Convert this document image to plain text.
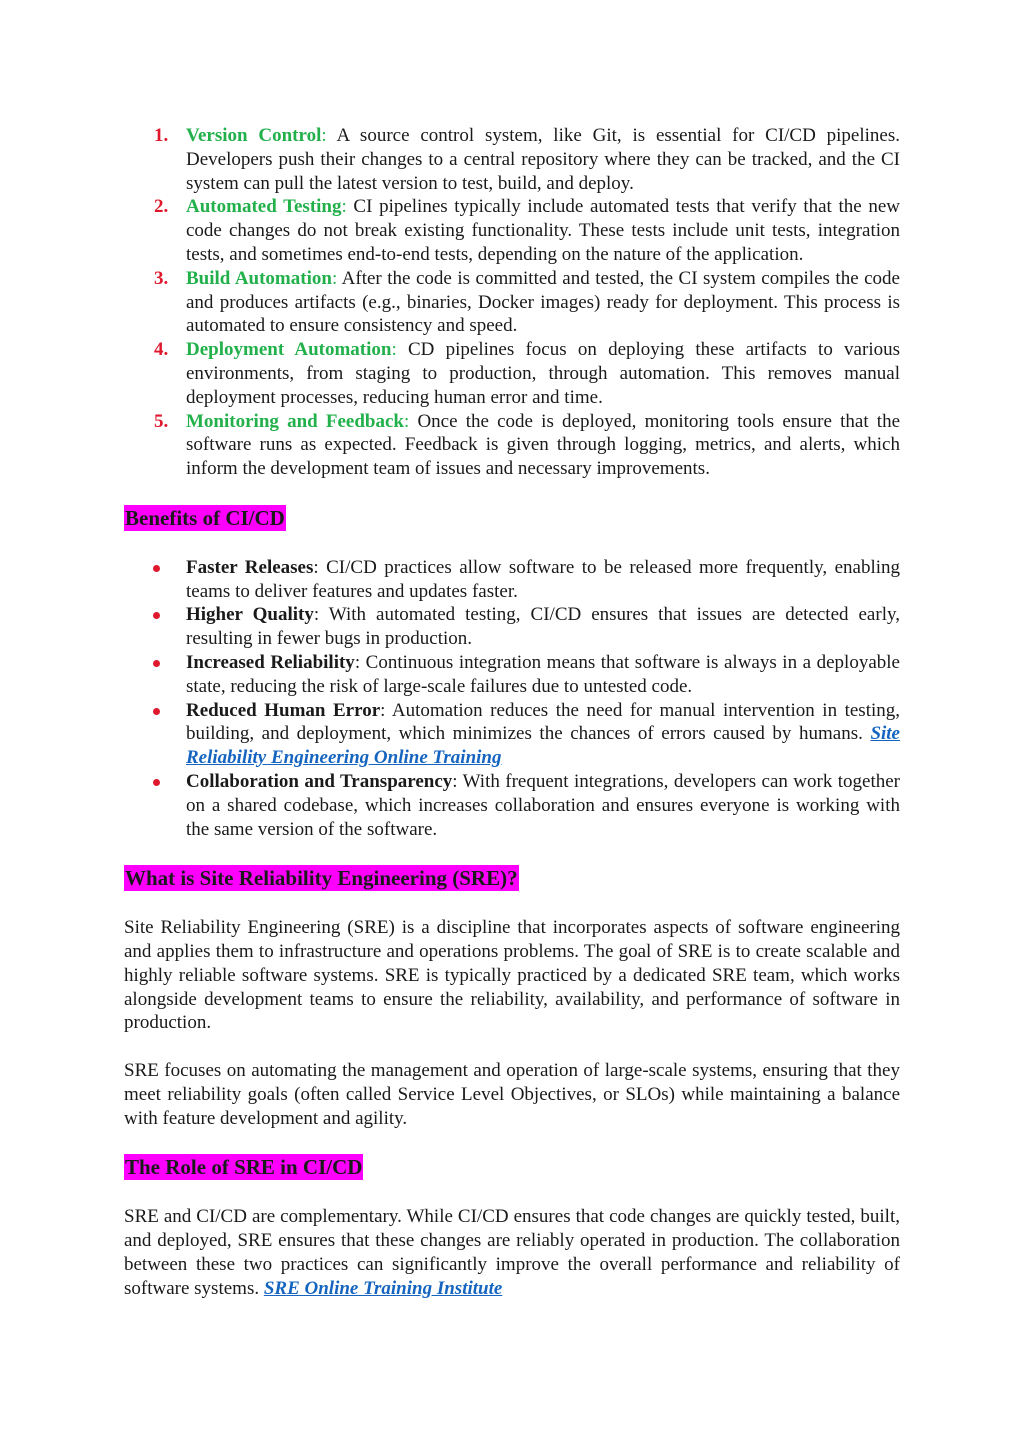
1. Version Control: A source control system, like Git, is essential for CI/CD pipelines. Developers push their changes to a central repository where they can be tracked, and the CI system can pull the latest version to test, build, and deploy.
2. Automated Testing: CI pipelines typically include automated tests that verify that the new code changes do not break existing functionality. These tests include unit tests, integration tests, and sometimes end-to-end tests, depending on the nature of the application.
3. Build Automation: After the code is committed and tested, the CI system compiles the code and produces artifacts (e.g., binaries, Docker images) ready for deployment. This process is automated to ensure consistency and speed.
4. Deployment Automation: CD pipelines focus on deploying these artifacts to various environments, from staging to production, through automation. This removes manual deployment processes, reducing human error and time.
5. Monitoring and Feedback: Once the code is deployed, monitoring tools ensure that the software runs as expected. Feedback is given through logging, metrics, and alerts, which inform the development team of issues and necessary improvements.
Benefits of CI/CD
Faster Releases: CI/CD practices allow software to be released more frequently, enabling teams to deliver features and updates faster.
Higher Quality: With automated testing, CI/CD ensures that issues are detected early, resulting in fewer bugs in production.
Increased Reliability: Continuous integration means that software is always in a deployable state, reducing the risk of large-scale failures due to untested code.
Reduced Human Error: Automation reduces the need for manual intervention in testing, building, and deployment, which minimizes the chances of errors caused by humans. Site Reliability Engineering Online Training
Collaboration and Transparency: With frequent integrations, developers can work together on a shared codebase, which increases collaboration and ensures everyone is working with the same version of the software.
What is Site Reliability Engineering (SRE)?

Site Reliability Engineering (SRE) is a discipline that incorporates aspects of software engineering and applies them to infrastructure and operations problems. The goal of SRE is to create scalable and highly reliable software systems. SRE is typically practiced by a dedicated SRE team, which works alongside development teams to ensure the reliability, availability, and performance of software in production.

SRE focuses on automating the management and operation of large-scale systems, ensuring that they meet reliability goals (often called Service Level Objectives, or SLOs) while maintaining a balance with feature development and agility.

The Role of SRE in CI/CD

SRE and CI/CD are complementary. While CI/CD ensures that code changes are quickly tested, built, and deployed, SRE ensures that these changes are reliably operated in production. The collaboration between these two practices can significantly improve the overall performance and reliability of software systems. SRE Online Training Institute
